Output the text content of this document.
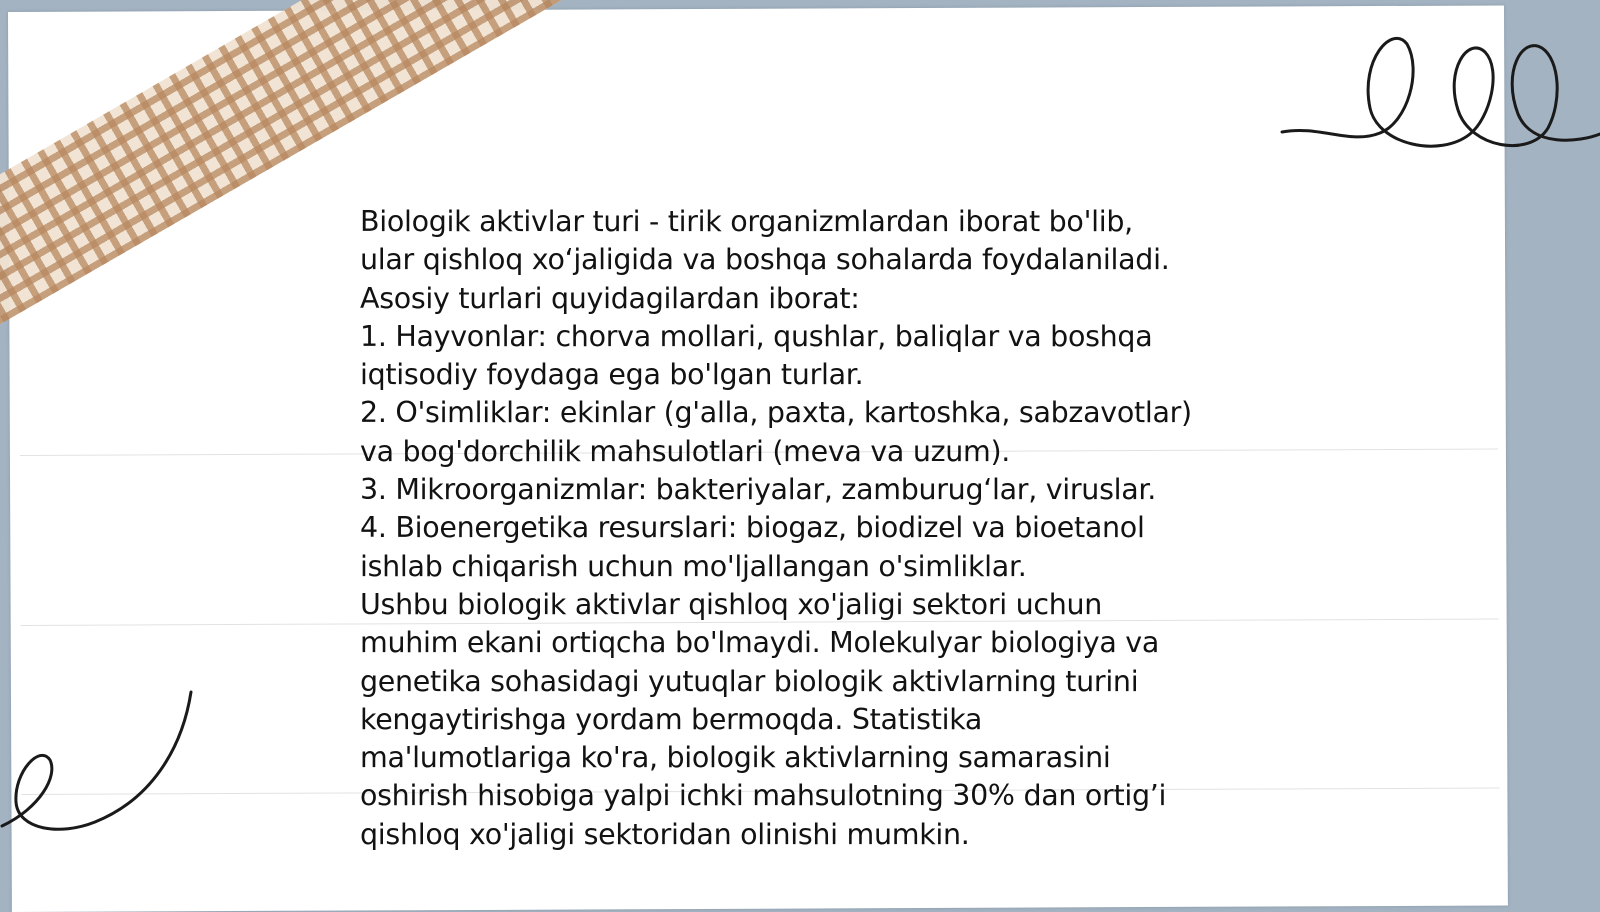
Biologik aktivlar turi - tirik organizmlardan iborat bo'lib,
ular qishloq xo‘jaligida va boshqa sohalarda foydalaniladi.
Asosiy turlari quyidagilardan iborat:
1. Hayvonlar: chorva mollari, qushlar, baliqlar va boshqa
iqtisodiy foydaga ega bo'lgan turlar.
2. O'simliklar: ekinlar (g'alla, paxta, kartoshka, sabzavotlar)
va bog'dorchilik mahsulotlari (meva va uzum).
3. Mikroorganizmlar: bakteriyalar, zamburug‘lar, viruslar.
4. Bioenergetika resurslari: biogaz, biodizel va bioetanol
ishlab chiqarish uchun mo'ljallangan o'simliklar.
Ushbu biologik aktivlar qishloq xo'jaligi sektori uchun
muhim ekani ortiqcha bo'lmaydi. Molekulyar biologiya va
genetika sohasidagi yutuqlar biologik aktivlarning turini
kengaytirishga yordam bermoqda. Statistika
ma'lumotlariga ko'ra, biologik aktivlarning samarasini
oshirish hisobiga yalpi ichki mahsulotning 30% dan ortig’i
qishloq xo'jaligi sektoridan olinishi mumkin.
